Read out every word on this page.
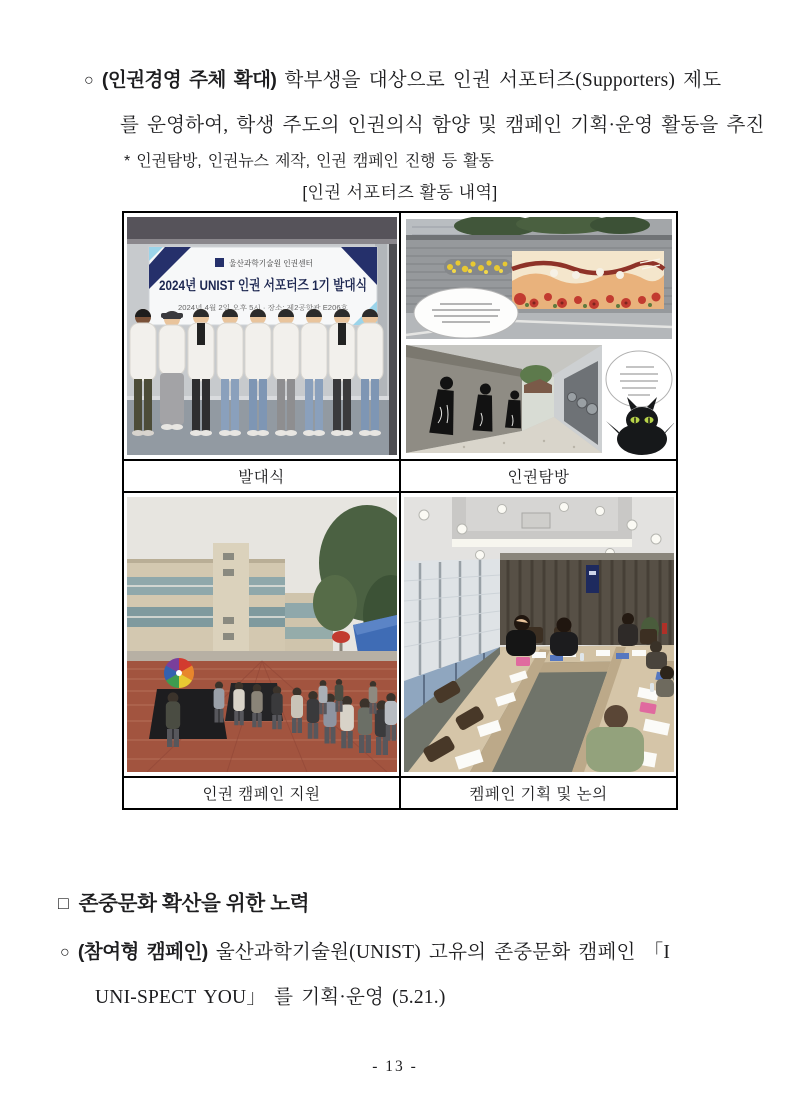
○ (인권경영 주체 확대) 학부생을 대상으로 인권 서포터즈(Supporters) 제도
를 운영하여, 학생 주도의 인권의식 함양 및 캠페인 기획·운영 활동을 추진
* 인권탐방, 인권뉴스 제작, 인권 캠페인 진행 등 활동
[인권 서포터즈 활동 내역]
울산과학기술원 인권센터
2024년 UNIST 인권 서포터즈 1기 발대식
2024년 4월 2일 오후 5시 · 장소: 제2공학관 E206호

발대식	인권탐방

인권 캠페인 지원	켐페인 기획 및 논의
□ 존중문화 확산을 위한 노력
○ (참여형 캠페인) 울산과학기술원(UNIST) 고유의 존중문화 캠페인 「I
UNI-SPECT YOU」 를 기획·운영 (5.21.)
- 13 -
